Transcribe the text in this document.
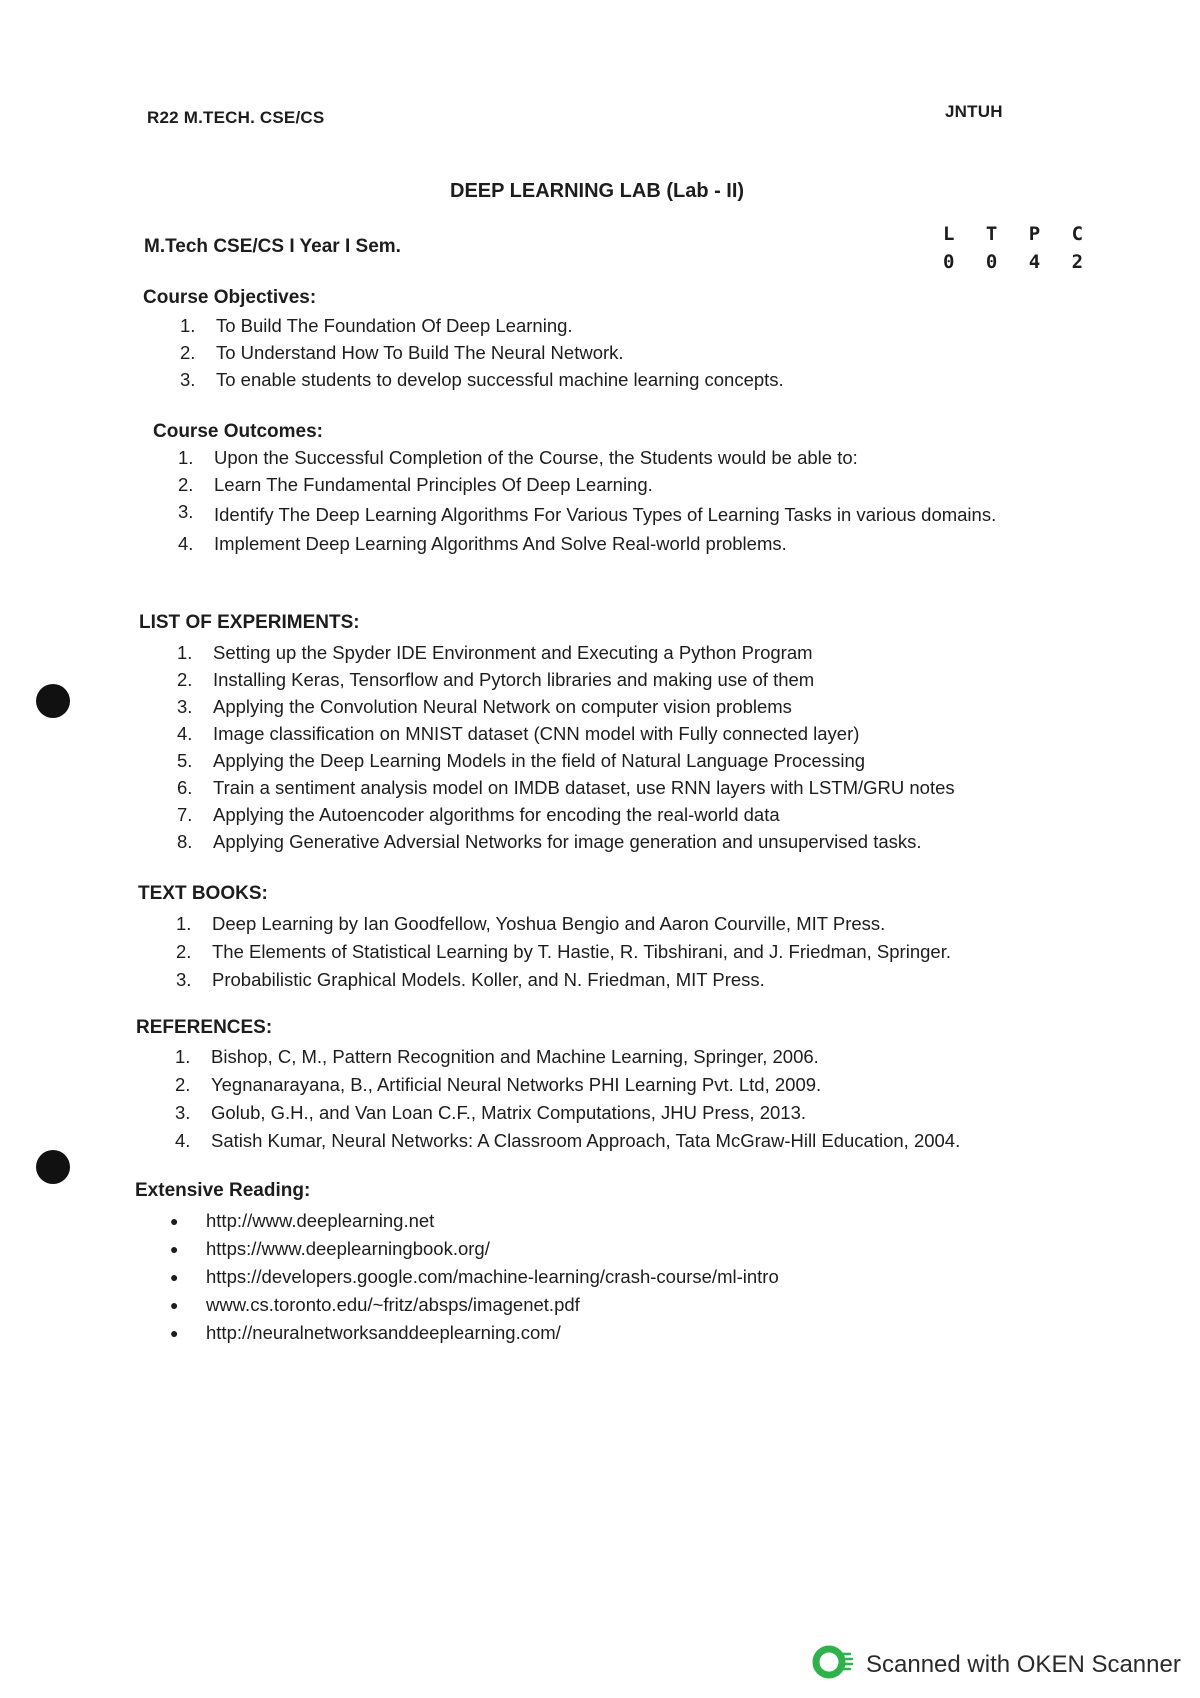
R22 M.TECH. CSE/CS	JNTUH
DEEP LEARNING LAB (Lab - II)
M.Tech CSE/CS I Year I Sem.
L T P C
0 0 4 2
Course Objectives:
1.	To Build The Foundation Of Deep Learning.
2.	To Understand How To Build The Neural Network.
3.	To enable students to develop successful machine learning concepts.
Course Outcomes:
1.	Upon the Successful Completion of the Course, the Students would be able to:
2.	Learn The Fundamental Principles Of Deep Learning.
3.	Identify The Deep Learning Algorithms For Various Types of Learning Tasks in various domains.
4.	Implement Deep Learning Algorithms And Solve Real-world problems.
LIST OF EXPERIMENTS:
1.	Setting up the Spyder IDE Environment and Executing a Python Program
2.	Installing Keras, Tensorflow and Pytorch libraries and making use of them
3.	Applying the Convolution Neural Network on computer vision problems
4.	Image classification on MNIST dataset (CNN model with Fully connected layer)
5.	Applying the Deep Learning Models in the field of Natural Language Processing
6.	Train a sentiment analysis model on IMDB dataset, use RNN layers with LSTM/GRU notes
7.	Applying the Autoencoder algorithms for encoding the real-world data
8.	Applying Generative Adversial Networks for image generation and unsupervised tasks.
TEXT BOOKS:
1.	Deep Learning by Ian Goodfellow, Yoshua Bengio and Aaron Courville, MIT Press.
2.	The Elements of Statistical Learning by T. Hastie, R. Tibshirani, and J. Friedman, Springer.
3.	Probabilistic Graphical Models. Koller, and N. Friedman, MIT Press.
REFERENCES:
1.	Bishop, C, M., Pattern Recognition and Machine Learning, Springer, 2006.
2.	Yegnanarayana, B., Artificial Neural Networks PHI Learning Pvt. Ltd, 2009.
3.	Golub, G.H., and Van Loan C.F., Matrix Computations, JHU Press, 2013.
4.	Satish Kumar, Neural Networks: A Classroom Approach, Tata McGraw-Hill Education, 2004.
Extensive Reading:
●	http://www.deeplearning.net
●	https://www.deeplearningbook.org/
●	https://developers.google.com/machine-learning/crash-course/ml-intro
●	www.cs.toronto.edu/~fritz/absps/imagenet.pdf
●	http://neuralnetworksanddeeplearning.com/
Scanned with OKEN Scanner
